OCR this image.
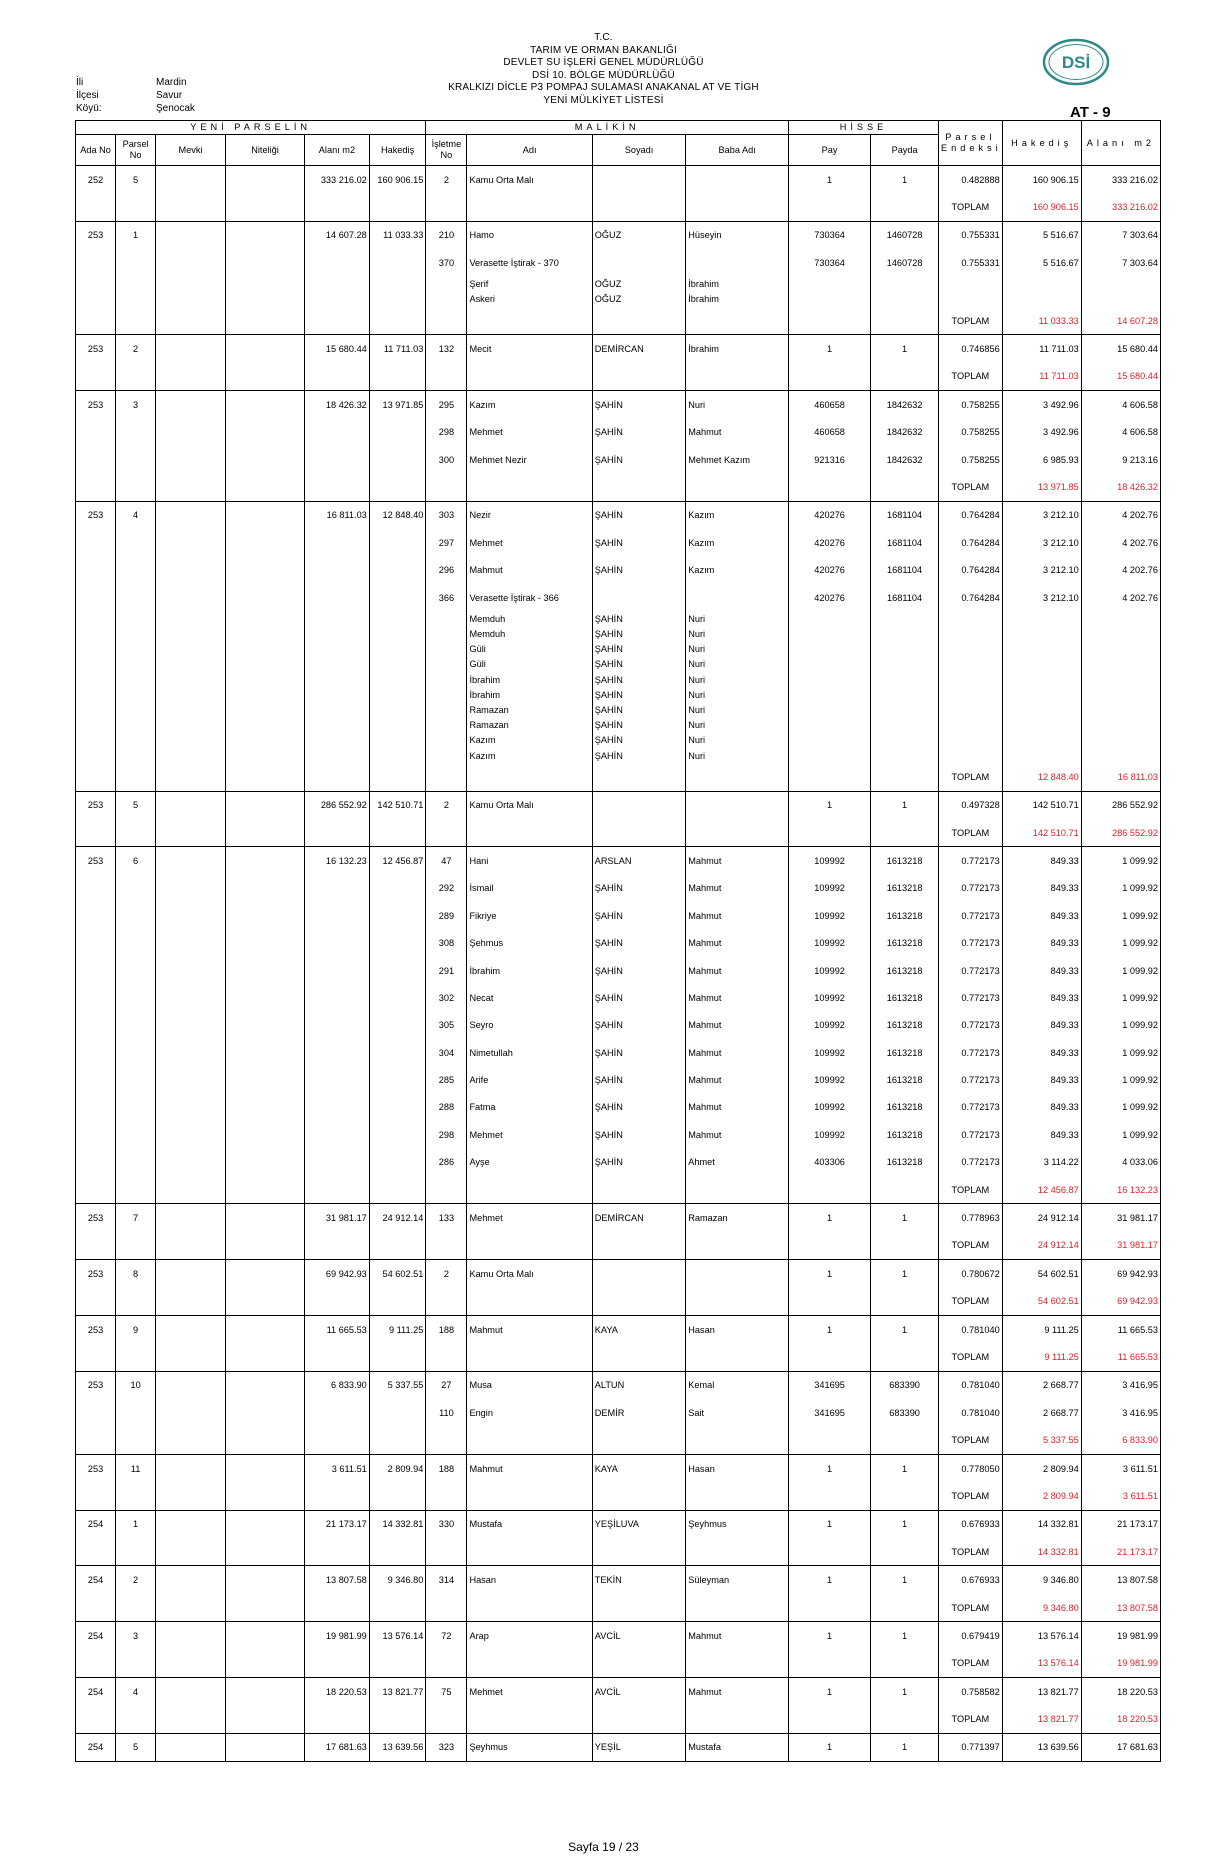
T.C.
TARIM VE ORMAN BAKANLIĞI
DEVLET SU İŞLERİ GENEL MÜDÜRLÜĞÜ
DSİ 10. BÖLGE MÜDÜRLÜĞÜ
KRALKIZI DİCLE P3 POMPAJ SULAMASI ANAKANAL AT VE TİGH
YENİ MÜLKİYET LİSTESİ
İli	Mardin
İlçesi	Savur
Köyü:	Şenocak
DSİ
AT - 9
YENİ PARSELİN						MALİKİN				HİSSE		Parsel Endeksi	Hakediş	Alanı m2
Ada No	Parsel No	Mevki	Niteliği	Alanı m2	Hakediş	İşletme No	Adı	Soyadı	Baba Adı	Pay	Payda			
252	5			333 216.02	160 906.15	2	Kamu Orta Malı			1	1	0.482888	160 906.15	333 216.02
												TOPLAM	160 906.15	333 216.02
253	1			14 607.28	11 033.33	210	Hamo	OĞUZ	Hüseyin	730364	1460728	0.755331	5 516.67	7 303.64
						370	Verasette İştirak - 370			730364	1460728	0.755331	5 516.67	7 303.64
							Şerif	OĞUZ	İbrahim					
							Askeri	OĞUZ	İbrahim					
												TOPLAM	11 033.33	14 607.28
253	2			15 680.44	11 711.03	132	Mecit	DEMİRCAN	İbrahim	1	1	0.746856	11 711.03	15 680.44
												TOPLAM	11 711.03	15 680.44
253	3			18 426.32	13 971.85	295	Kazım	ŞAHİN	Nuri	460658	1842632	0.758255	3 492.96	4 606.58
						298	Mehmet	ŞAHİN	Mahmut	460658	1842632	0.758255	3 492.96	4 606.58
						300	Mehmet Nezir	ŞAHİN	Mehmet Kazım	921316	1842632	0.758255	6 985.93	9 213.16
												TOPLAM	13 971.85	18 426.32
253	4			16 811.03	12 848.40	303	Nezir	ŞAHİN	Kazım	420276	1681104	0.764284	3 212.10	4 202.76
						297	Mehmet	ŞAHİN	Kazım	420276	1681104	0.764284	3 212.10	4 202.76
						296	Mahmut	ŞAHİN	Kazım	420276	1681104	0.764284	3 212.10	4 202.76
						366	Verasette İştirak - 366			420276	1681104	0.764284	3 212.10	4 202.76
							Memduh	ŞAHİN	Nuri					
							Memduh	ŞAHİN	Nuri					
							Güli	ŞAHİN	Nuri					
							Güli	ŞAHİN	Nuri					
							İbrahim	ŞAHİN	Nuri					
							İbrahim	ŞAHİN	Nuri					
							Ramazan	ŞAHİN	Nuri					
							Ramazan	ŞAHİN	Nuri					
							Kazım	ŞAHİN	Nuri					
							Kazım	ŞAHİN	Nuri					
												TOPLAM	12 848.40	16 811.03
253	5			286 552.92	142 510.71	2	Kamu Orta Malı			1	1	0.497328	142 510.71	286 552.92
												TOPLAM	142 510.71	286 552.92
253	6			16 132.23	12 456.87	47	Hani	ARSLAN	Mahmut	109992	1613218	0.772173	849.33	1 099.92
						292	İsmail	ŞAHİN	Mahmut	109992	1613218	0.772173	849.33	1 099.92
						289	Fikriye	ŞAHİN	Mahmut	109992	1613218	0.772173	849.33	1 099.92
						308	Şehmus	ŞAHİN	Mahmut	109992	1613218	0.772173	849.33	1 099.92
						291	İbrahim	ŞAHİN	Mahmut	109992	1613218	0.772173	849.33	1 099.92
						302	Necat	ŞAHİN	Mahmut	109992	1613218	0.772173	849.33	1 099.92
						305	Seyro	ŞAHİN	Mahmut	109992	1613218	0.772173	849.33	1 099.92
						304	Nimetullah	ŞAHİN	Mahmut	109992	1613218	0.772173	849.33	1 099.92
						285	Arife	ŞAHİN	Mahmut	109992	1613218	0.772173	849.33	1 099.92
						288	Fatma	ŞAHİN	Mahmut	109992	1613218	0.772173	849.33	1 099.92
						298	Mehmet	ŞAHİN	Mahmut	109992	1613218	0.772173	849.33	1 099.92
						286	Ayşe	ŞAHİN	Ahmet	403306	1613218	0.772173	3 114.22	4 033.06
												TOPLAM	12 456.87	16 132.23
253	7			31 981.17	24 912.14	133	Mehmet	DEMİRCAN	Ramazan	1	1	0.778963	24 912.14	31 981.17
												TOPLAM	24 912.14	31 981.17
253	8			69 942.93	54 602.51	2	Kamu Orta Malı			1	1	0.780672	54 602.51	69 942.93
												TOPLAM	54 602.51	69 942.93
253	9			11 665.53	9 111.25	188	Mahmut	KAYA	Hasan	1	1	0.781040	9 111.25	11 665.53
												TOPLAM	9 111.25	11 665.53
253	10			6 833.90	5 337.55	27	Musa	ALTUN	Kemal	341695	683390	0.781040	2 668.77	3 416.95
						110	Engin	DEMİR	Sait	341695	683390	0.781040	2 668.77	3 416.95
												TOPLAM	5 337.55	6 833.90
253	11			3 611.51	2 809.94	188	Mahmut	KAYA	Hasan	1	1	0.778050	2 809.94	3 611.51
												TOPLAM	2 809.94	3 611.51
254	1			21 173.17	14 332.81	330	Mustafa	YEŞİLUVA	Şeyhmus	1	1	0.676933	14 332.81	21 173.17
												TOPLAM	14 332.81	21 173.17
254	2			13 807.58	9 346.80	314	Hasan	TEKİN	Süleyman	1	1	0.676933	9 346.80	13 807.58
												TOPLAM	9 346.80	13 807.58
254	3			19 981.99	13 576.14	72	Arap	AVCİL	Mahmut	1	1	0.679419	13 576.14	19 981.99
												TOPLAM	13 576.14	19 981.99
254	4			18 220.53	13 821.77	75	Mehmet	AVCİL	Mahmut	1	1	0.758582	13 821.77	18 220.53
												TOPLAM	13 821.77	18 220.53
254	5			17 681.63	13 639.56	323	Şeyhmus	YEŞİL	Mustafa	1	1	0.771397	13 639.56	17 681.63
Sayfa 19 / 23
